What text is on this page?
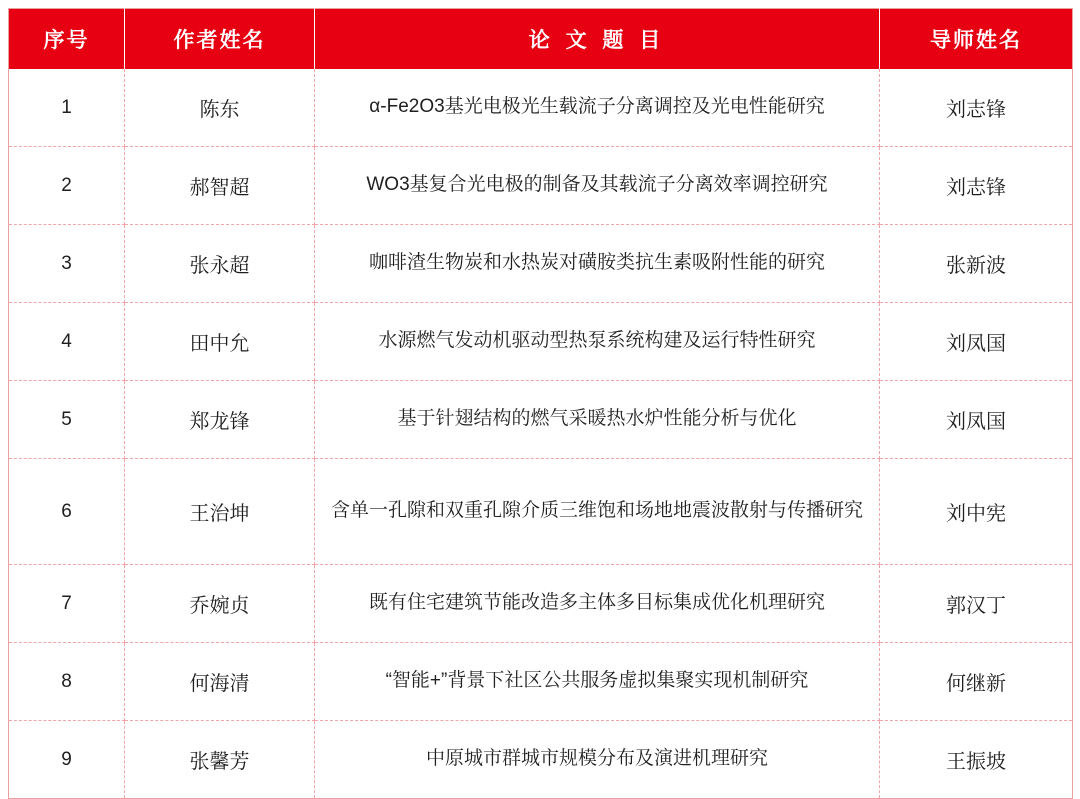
序号	作者姓名	论 文 题 目	导师姓名
1	陈东	α-Fe2O3基光电极光生载流子分离调控及光电性能研究	刘志锋
2	郝智超	WO3基复合光电极的制备及其载流子分离效率调控研究	刘志锋
3	张永超	咖啡渣生物炭和水热炭对磺胺类抗生素吸附性能的研究	张新波
4	田中允	水源燃气发动机驱动型热泵系统构建及运行特性研究	刘凤国
5	郑龙锋	基于针翅结构的燃气采暖热水炉性能分析与优化	刘凤国
6	王治坤	含单一孔隙和双重孔隙介质三维饱和场地地震波散射与传播研究	刘中宪
7	乔婉贞	既有住宅建筑节能改造多主体多目标集成优化机理研究	郭汉丁
8	何海清	“智能+”背景下社区公共服务虚拟集聚实现机制研究	何继新
9	张馨芳	中原城市群城市规模分布及演进机理研究	王振坡
